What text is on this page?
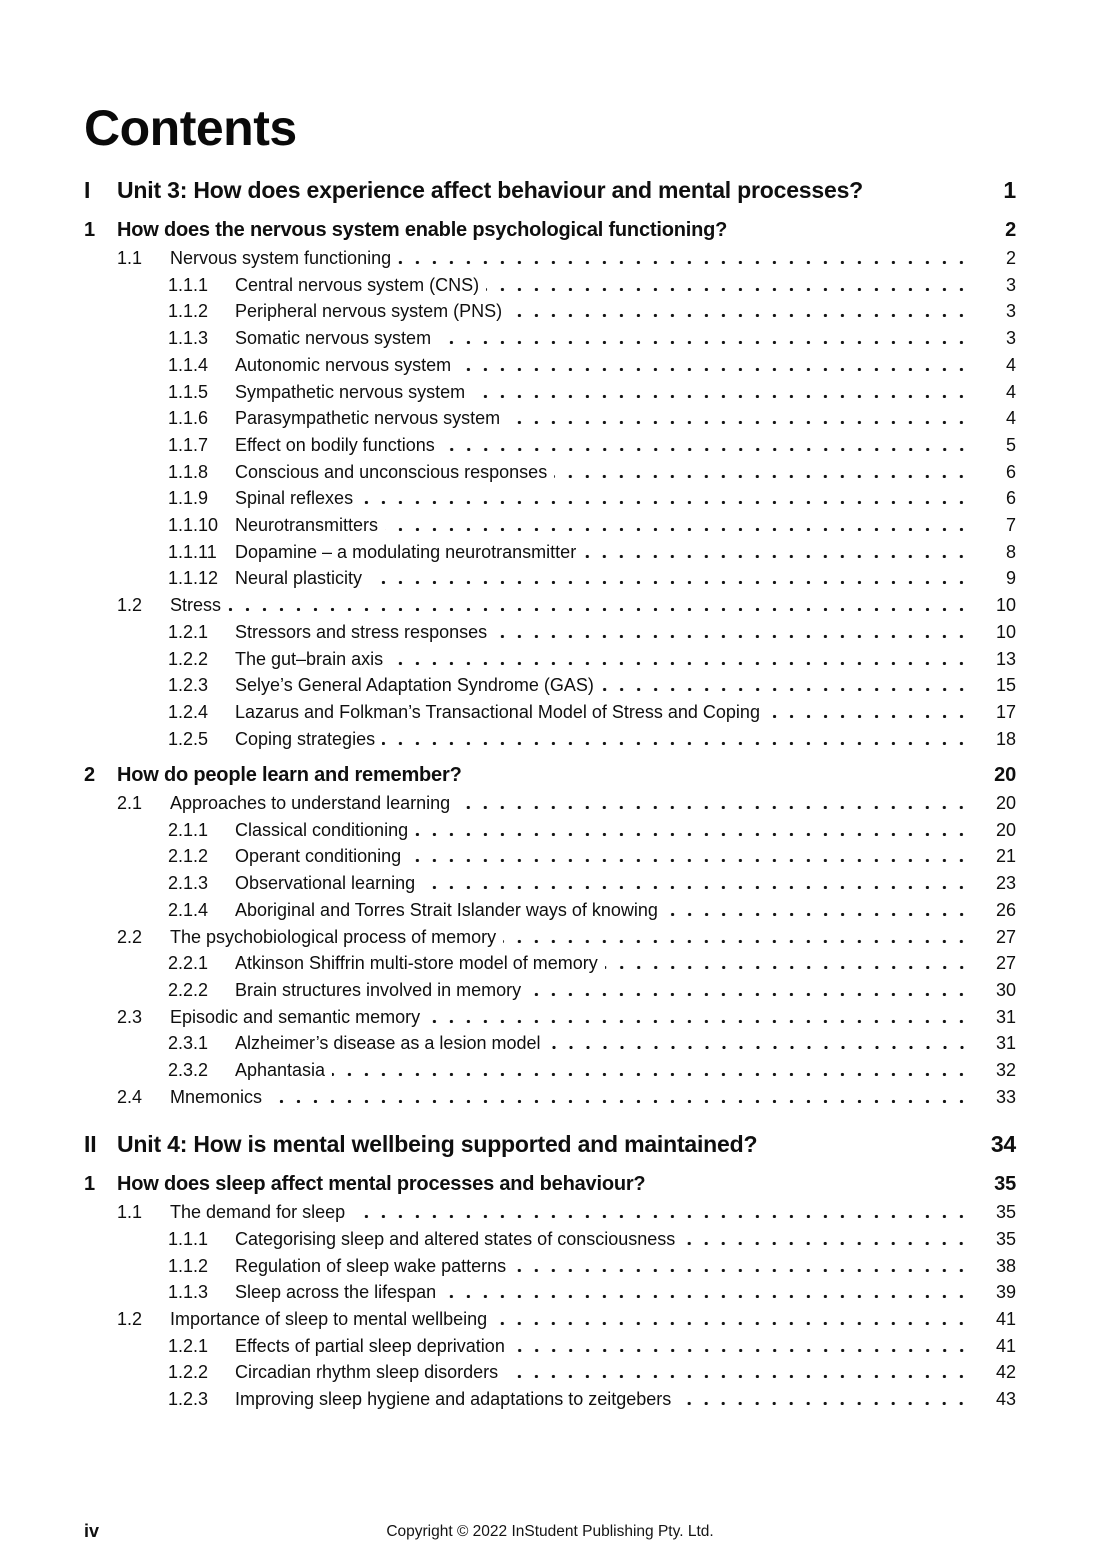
Contents
I	Unit 3: How does experience affect behaviour and mental processes?	1
1	How does the nervous system enable psychological functioning?	2
1.1	Nervous system functioning	2
1.1.1	Central nervous system (CNS)	3
1.1.2	Peripheral nervous system (PNS)	3
1.1.3	Somatic nervous system	3
1.1.4	Autonomic nervous system	4
1.1.5	Sympathetic nervous system	4
1.1.6	Parasympathetic nervous system	4
1.1.7	Effect on bodily functions	5
1.1.8	Conscious and unconscious responses	6
1.1.9	Spinal reflexes	6
1.1.10 Neurotransmitters	7
1.1.11	Dopamine – a modulating neurotransmitter	8
1.1.12 Neural plasticity	9
1.2	Stress	10
1.2.1	Stressors and stress responses	10
1.2.2	The gut–brain axis	13
1.2.3	Selye’s General Adaptation Syndrome (GAS)	15
1.2.4	Lazarus and Folkman’s Transactional Model of Stress and Coping	17
1.2.5	Coping strategies	18
2	How do people learn and remember?	20
2.1	Approaches to understand learning	20
2.1.1	Classical conditioning	20
2.1.2	Operant conditioning	21
2.1.3	Observational learning	23
2.1.4	Aboriginal and Torres Strait Islander ways of knowing	26
2.2	The psychobiological process of memory	27
2.2.1	Atkinson Shiffrin multi-store model of memory	27
2.2.2	Brain structures involved in memory	30
2.3	Episodic and semantic memory	31
2.3.1	Alzheimer’s disease as a lesion model	31
2.3.2	Aphantasia	32
2.4	Mnemonics	33
II Unit 4: How is mental wellbeing supported and maintained?	34
1	How does sleep affect mental processes and behaviour?	35
1.1	The demand for sleep	35
1.1.1	Categorising sleep and altered states of consciousness	35
1.1.2	Regulation of sleep wake patterns	38
1.1.3	Sleep across the lifespan	39
1.2	Importance of sleep to mental wellbeing	41
1.2.1	Effects of partial sleep deprivation	41
1.2.2	Circadian rhythm sleep disorders	42
1.2.3	Improving sleep hygiene and adaptations to zeitgebers	43
iv	Copyright © 2022 InStudent Publishing Pty. Ltd.
